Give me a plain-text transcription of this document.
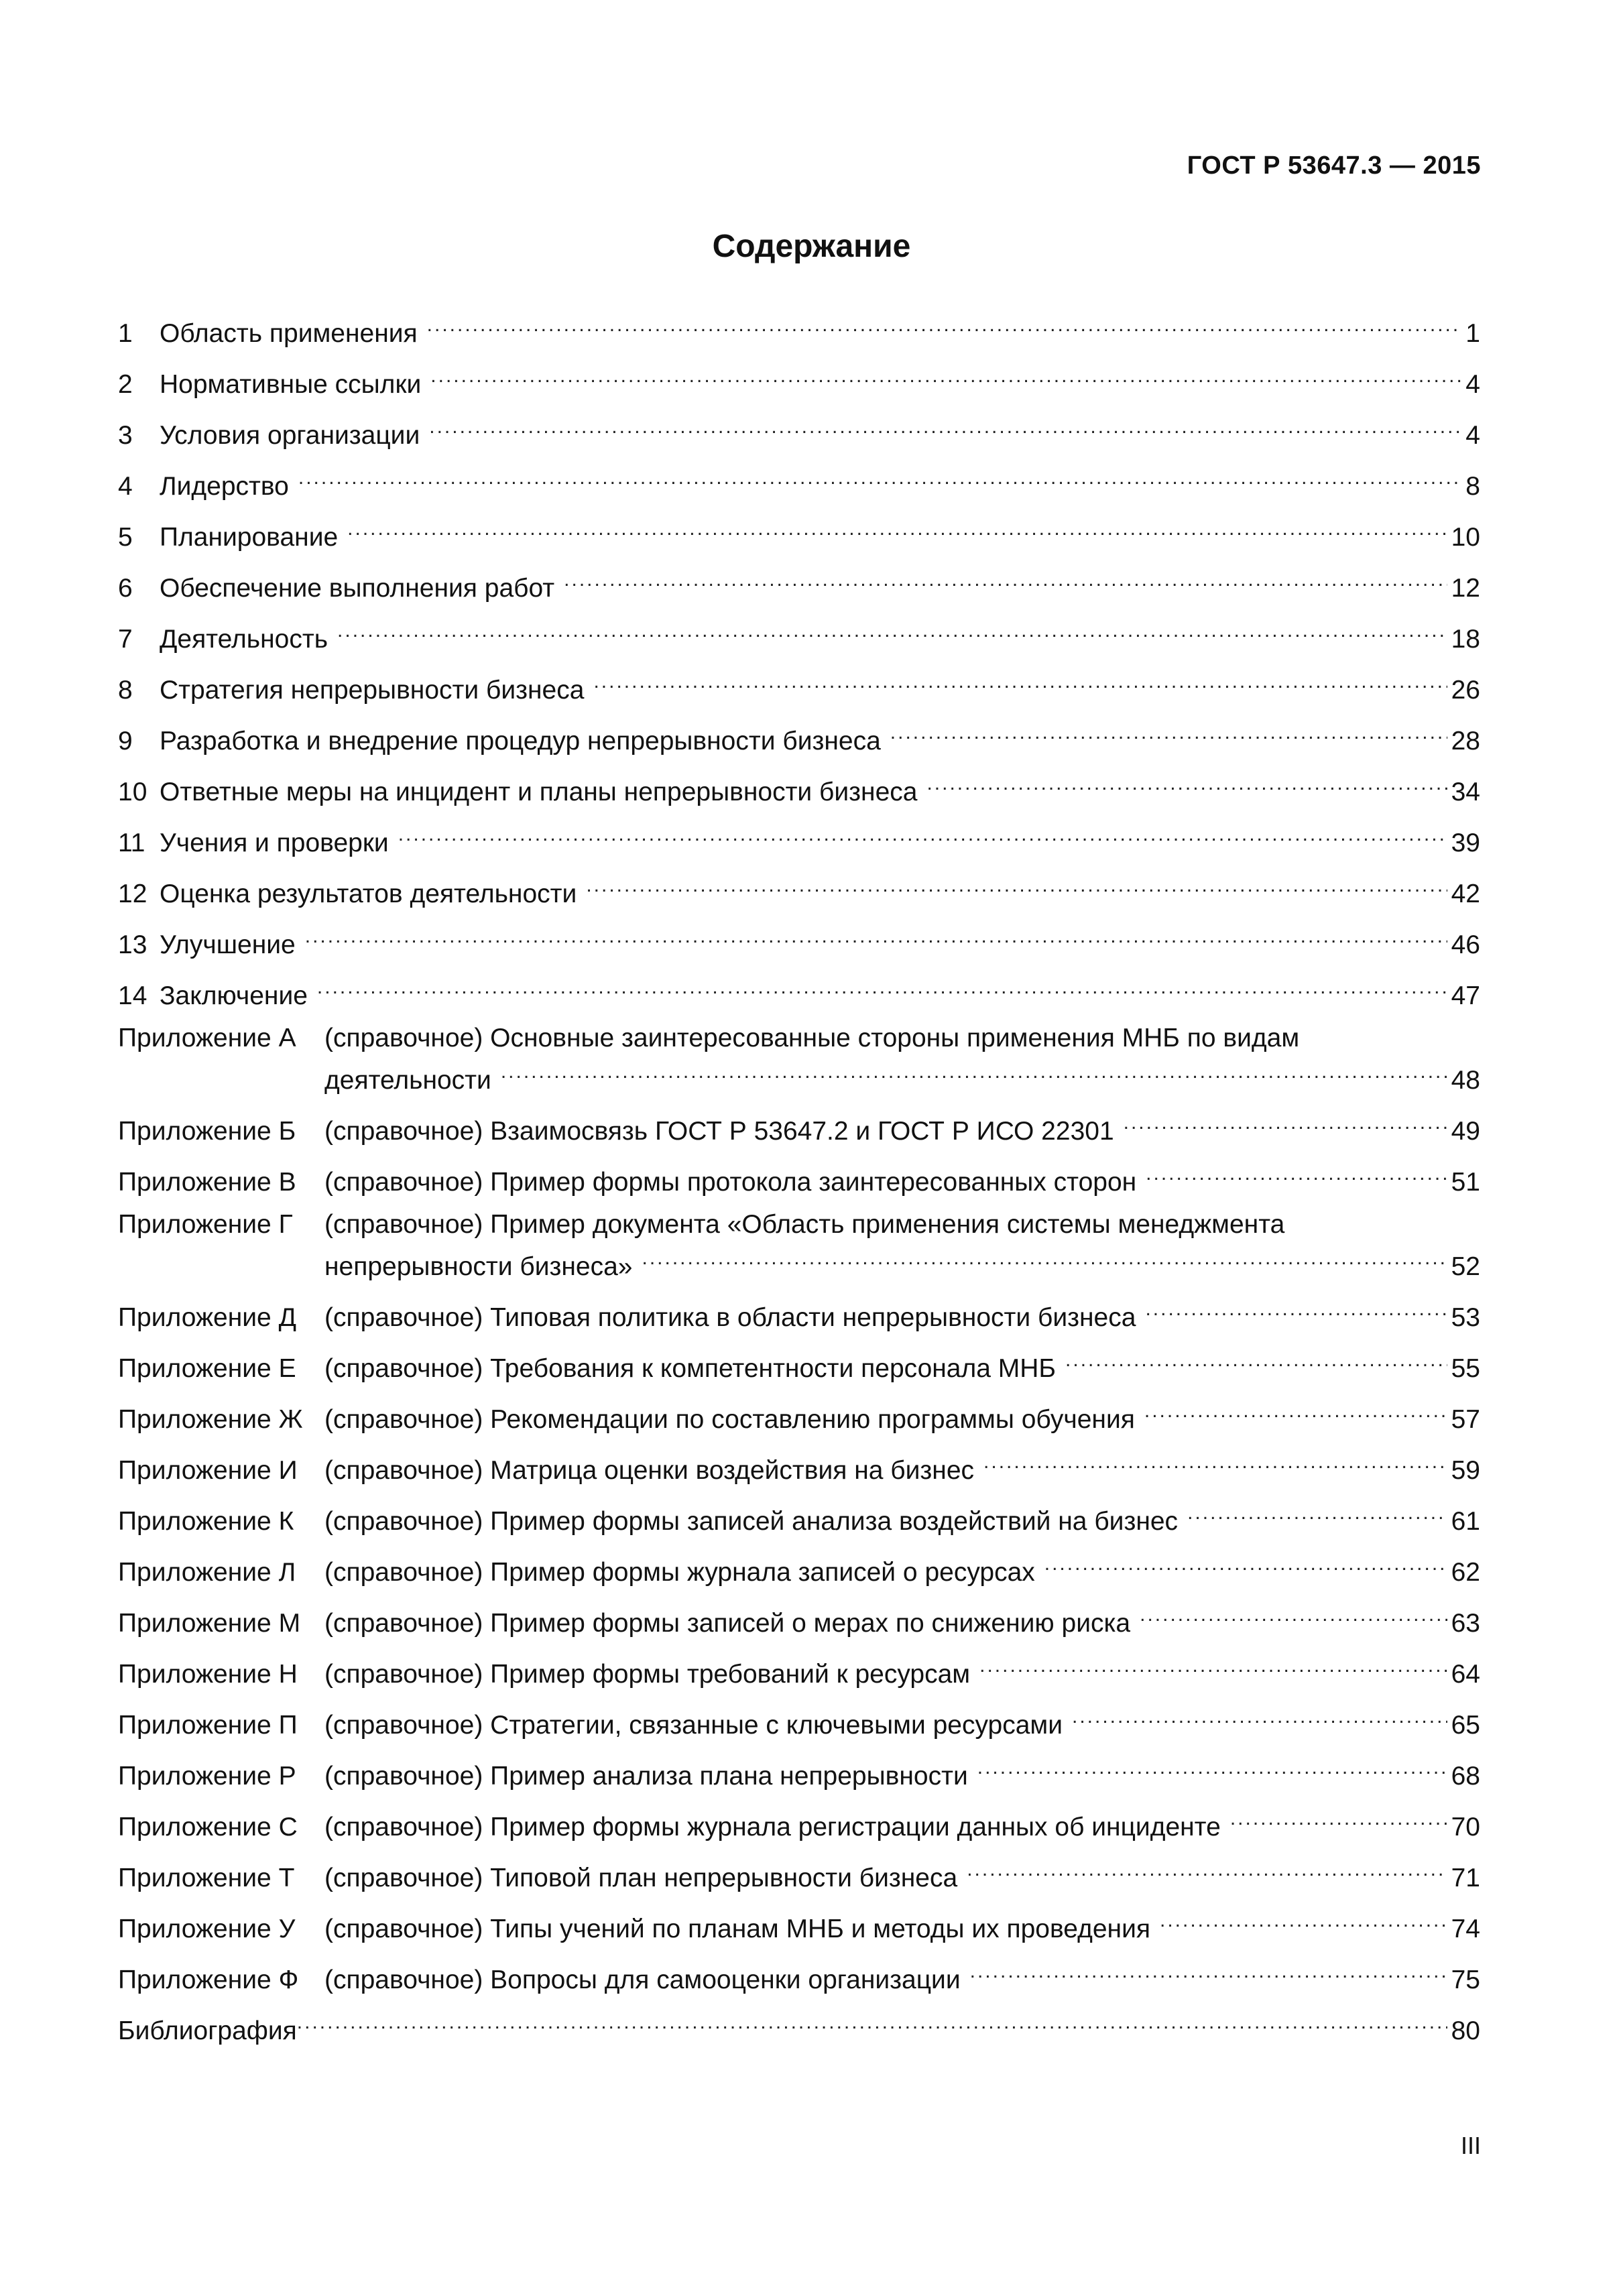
ГОСТ Р 53647.3 — 2015
Содержание
1	Область применения .....	1
2	Нормативные ссылки .....	4
3	Условия организации .....	4
4	Лидерство .....	8
5	Планирование .....	10
6	Обеспечение выполнения работ .....	12
7	Деятельность .....	18
8	Стратегия непрерывности бизнеса .....	26
9	Разработка и внедрение процедур непрерывности бизнеса .....	28
10 Ответные меры на инцидент и планы непрерывности бизнеса .....	34
11 Учения и проверки .....	39
12 Оценка результатов деятельности .....	42
13 Улучшение .....	46
14 Заключение .....	47
Приложение А	(справочное) Основные заинтересованные стороны применения МНБ по видам
деятельности .....	48
Приложение Б	(справочное) Взаимосвязь ГОСТ Р 53647.2 и ГОСТ Р ИСО 22301 .....	49
Приложение В	(справочное) Пример формы протокола заинтересованных сторон .....	51
Приложение Г	(справочное) Пример документа «Область применения системы менеджмента
непрерывности бизнеса» .....	52
Приложение Д	(справочное) Типовая политика в области непрерывности бизнеса .....	53
Приложение Е	(справочное) Требования к компетентности персонала МНБ .....	55
Приложение Ж (справочное) Рекомендации по составлению программы обучения .....	57
Приложение И	(справочное) Матрица оценки воздействия на бизнес .....	59
Приложение К	(справочное) Пример формы записей анализа воздействий на бизнес .....	61
Приложение Л	(справочное) Пример формы журнала записей о ресурсах .....	62
Приложение М (справочное) Пример формы записей о мерах по снижению риска .....	63
Приложение Н	(справочное) Пример формы требований к ресурсам .....	64
Приложение П	(справочное) Стратегии, связанные с ключевыми ресурсами .....	65
Приложение Р	(справочное) Пример анализа плана непрерывности .....	68
Приложение С	(справочное) Пример формы журнала регистрации данных об инциденте .....	70
Приложение Т	(справочное) Типовой план непрерывности бизнеса .....	71
Приложение У	(справочное) Типы учений по планам МНБ и методы их проведения .....	74
Приложение Ф (справочное) Вопросы для самооценки организации .....	75
Библиография .....	80
III
